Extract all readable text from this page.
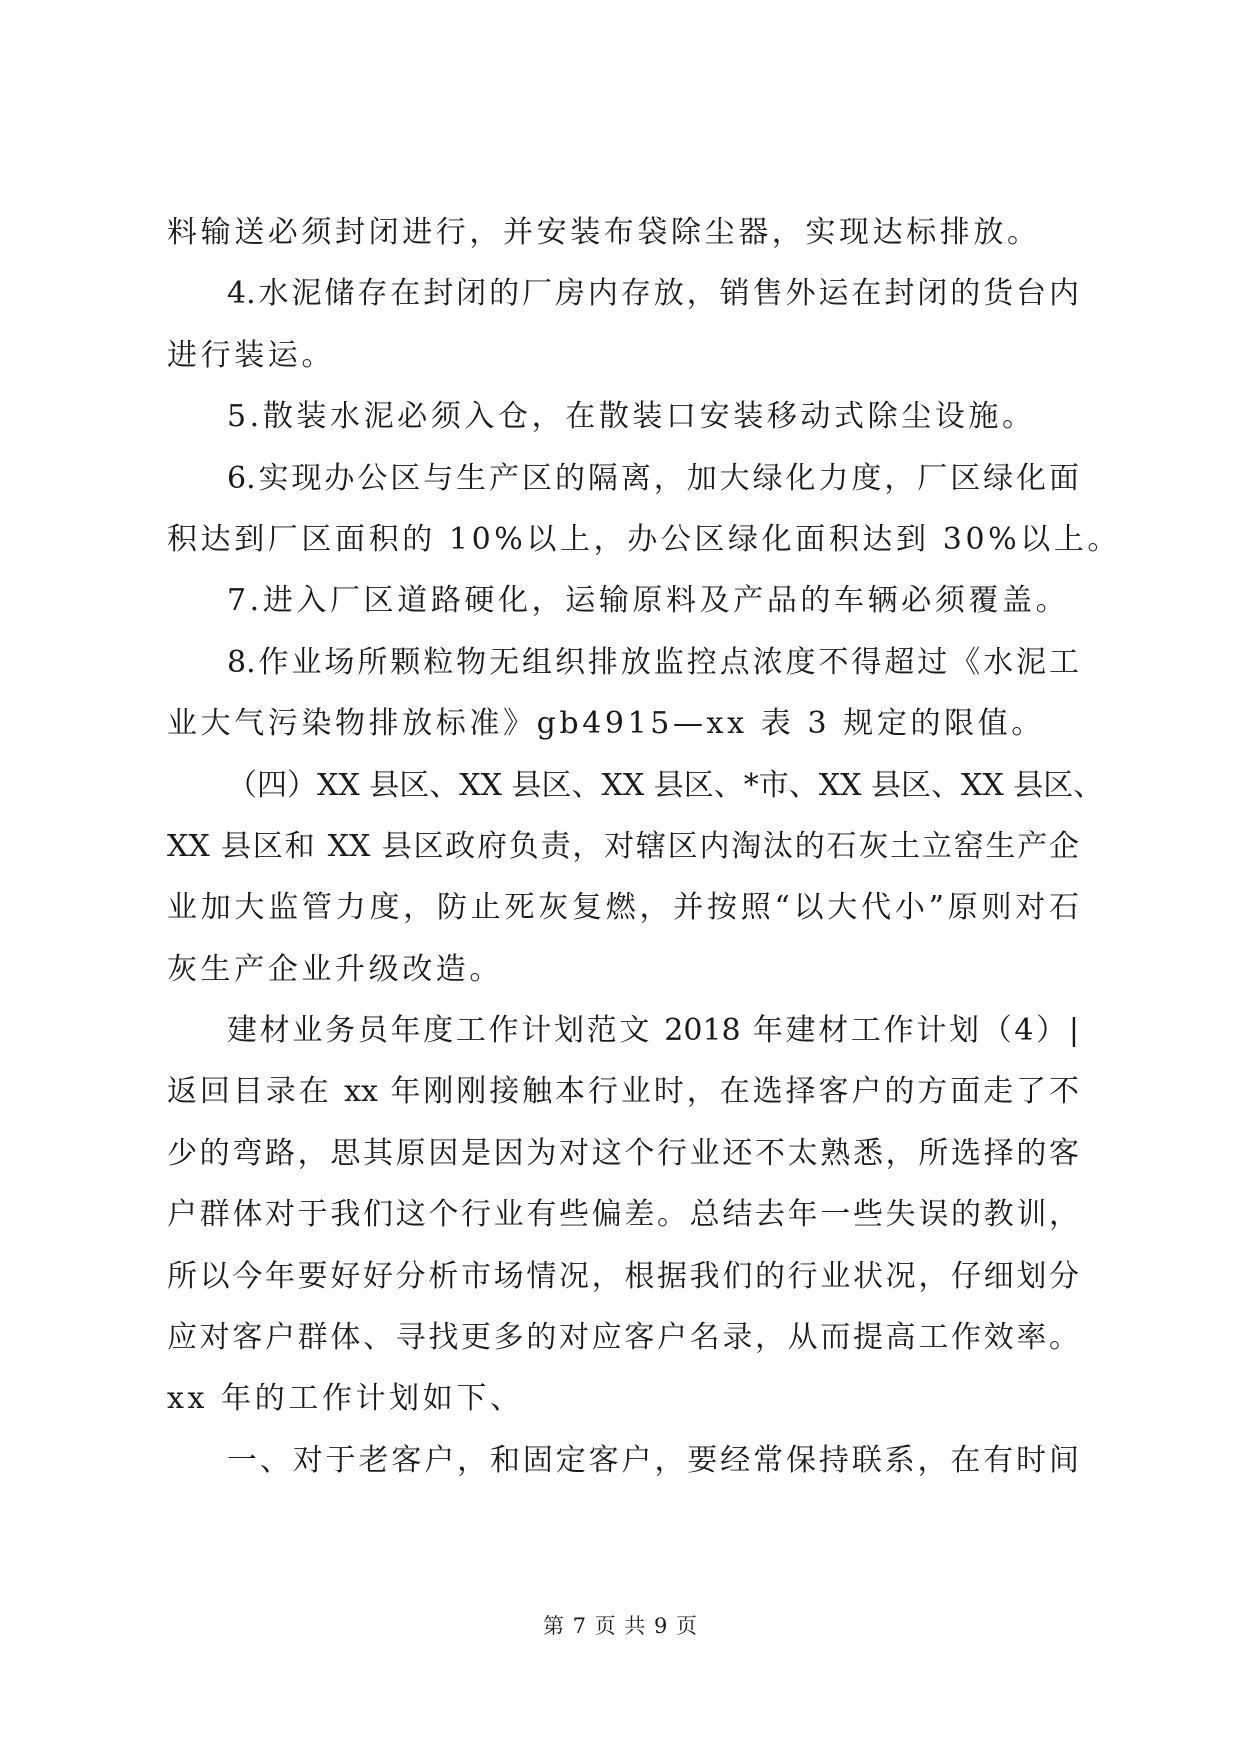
料输送必须封闭进行，并安装布袋除尘器，实现达标排放。
4.水泥储存在封闭的厂房内存放，销售外运在封闭的货台内
进行装运。
5.散装水泥必须入仓，在散装口安装移动式除尘设施。
6.实现办公区与生产区的隔离，加大绿化力度，厂区绿化面
积达到厂区面积的 10%以上，办公区绿化面积达到 30%以上。
7.进入厂区道路硬化，运输原料及产品的车辆必须覆盖。
8.作业场所颗粒物无组织排放监控点浓度不得超过《水泥工
业大气污染物排放标准》gb4915—xx 表 3 规定的限值。
（四）XX 县区、XX 县区、XX 县区、*市、XX 县区、XX 县区、
XX 县区和 XX 县区政府负责，对辖区内淘汰的石灰土立窑生产企
业加大监管力度，防止死灰复燃，并按照“以大代小”原则对石
灰生产企业升级改造。
建材业务员年度工作计划范文 2018 年建材工作计划（4）|
返回目录在 xx 年刚刚接触本行业时，在选择客户的方面走了不
少的弯路，思其原因是因为对这个行业还不太熟悉，所选择的客
户群体对于我们这个行业有些偏差。总结去年一些失误的教训，
所以今年要好好分析市场情况，根据我们的行业状况，仔细划分
应对客户群体、寻找更多的对应客户名录，从而提高工作效率。
xx 年的工作计划如下、
一、对于老客户，和固定客户，要经常保持联系，在有时间
第 7 页 共 9 页
